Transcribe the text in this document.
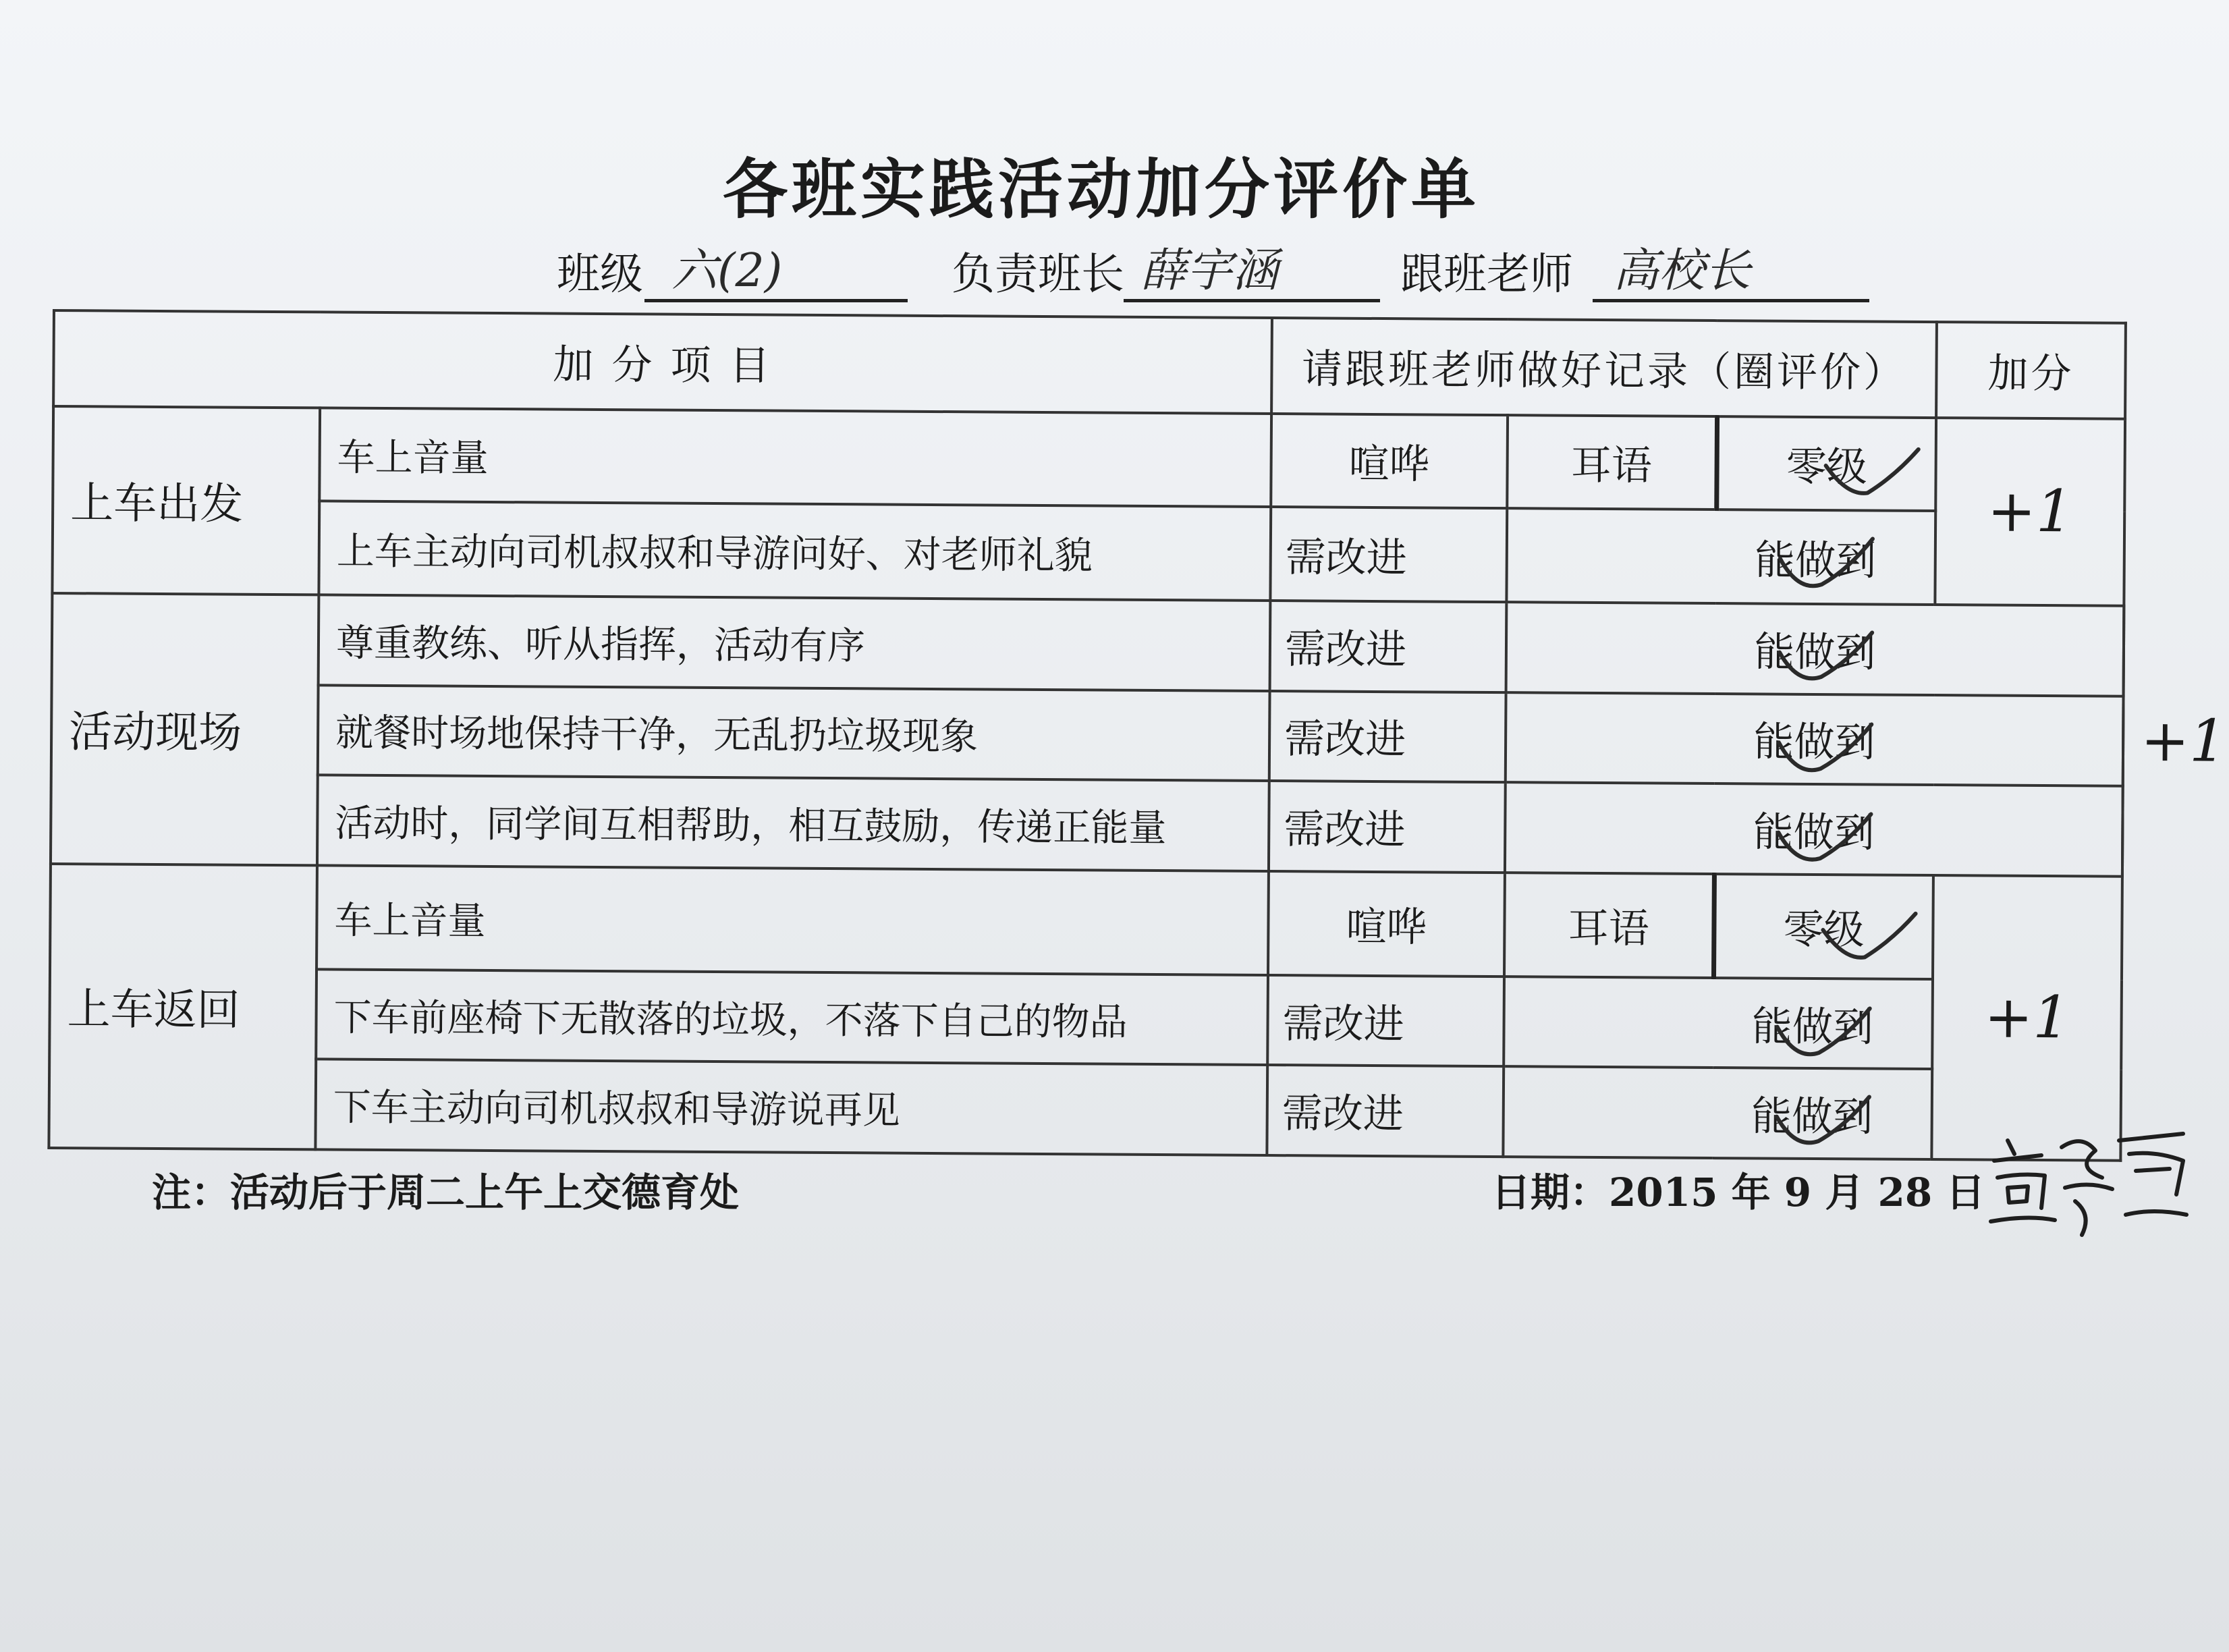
各班实践活动加分评价单
班级 六(2)	负责班长 薛宇涵	跟班老师 高校长
加 分 项 目		请跟班老师做好记录（圈评价）			加分	
上车出发	车上音量	喧哗	耳语	零级	+1	
	上车主动向司机叔叔和导游问好、对老师礼貌	需改进	能做到			

活动现场	尊重教练、听从指挥，活动有序	需改进	能做到			+1
	就餐时场地保持干净，无乱扔垃圾现象	需改进	能做到			

	活动时，同学间互相帮助，相互鼓励，传递正能量	需改进	能做到			

上车返回	车上音量	喧哗	耳语	零级	+1	
	下车前座椅下无散落的垃圾，不落下自己的物品	需改进	能做到			

	下车主动向司机叔叔和导游说再见	需改进	能做到			
注：活动后于周二上午上交德育处	日期：2015 年 9 月 28 日
